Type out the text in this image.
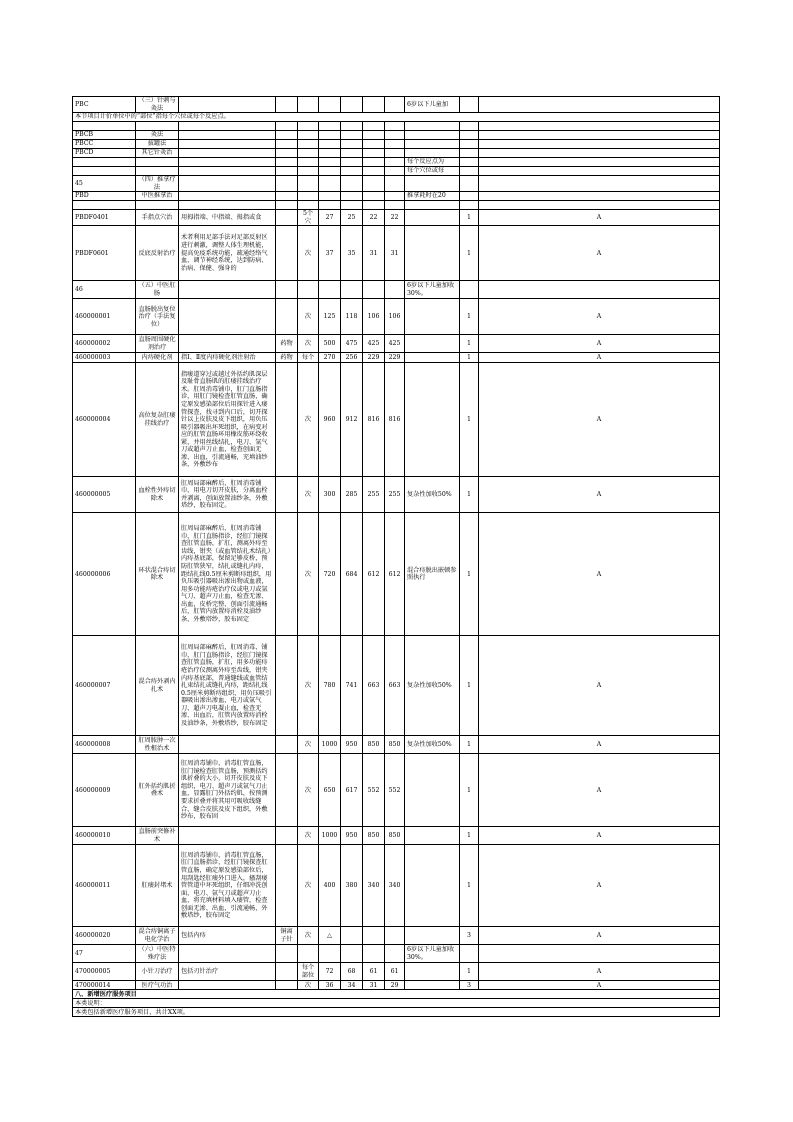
PBC	（三）针刺与灸法								6岁以下儿童加		
本节项目计价单位中的“部位”指每个穴位或每个反应点。											

PBCB	灸法										
PBCC	拔罐法										
PBCD	其它针灸治										
									每个反应点为		
									每个穴位或每		
45	（四）推拿疗法										
PBD	中医推拿治								推拿耗时在20		

PBDF0401	手指点穴治	用拇指端、中指端、拇指或食		5个穴	27	25	22	22		1	A
PBDF0601	反底反射治疗	术者利用足部手法对足部反射区进行刺激，调整人体生理机能，提高免疫系统功能，疏通经络气血，调节神经系统，达到防病、治病、保健、强身的		次	37	35	31	31		1	A
46	（五）中医肛肠								6岁以下儿童加收30%。		
460000001	直肠脱出复位治疗（手法复位）			次	125	118	106	106		1	A
460000002	直肠周围硬化剂治疗		药物	次	500	475	425	425		1	A
460000003	内痔硬化剂	指Ⅰ、Ⅱ度内痔硬化剂注射治	药物	每个	270	256	229	229		1	A
460000004	高位复杂肛瘘挂线治疗	指瘘道穿过或越过外括约肌深层及耻骨直肠肌的肛瘘挂线治疗术。肛周消毒铺巾，肛门直肠指诊，用肛门镜检查肛管直肠，确定原发感染部位后用探针进入瘘管探查，找寻到内口后，切开探针以上皮肤及皮下组织，用负压吸引器吸出坏死组织，在病变对应的肛管直肠环用橡皮筋环绕收紧，并用丝线结扎，电刀、氩气刀或超声刀止血，检查创面无渗、出血，引流通畅，充填油纱条，外敷纱布		次	960	912	816	816		1	A
460000005	血栓性外痔切除术	肛周局部麻醉后，肛周消毒铺巾，用电刀切开皮肤，分离血栓并剥离，创面放置油纱条，外敷塔纱，胶布固定。		次	300	285	255	255	复杂性加收50%	1	A
460000006	环状混合痔切除术	肛周局部麻醉后，肛周消毒铺巾，肛门直肠指诊，经肛门镜探查肛管直肠，扩肛，测离外痔至齿线，钳夹（或血管结扎术结扎）内痔基底部，保留足够皮桥，预防肛管狭窄，结扎或缝扎内痔，距结扎线0.5厘米剪断痔组织，用负压吸引器吸出渗出物或血液，用多功能痔疮治疗仪或电刀或氩气刀、超声刀止血，检查无渗、出血，皮桥完整，创面引流通畅后，肛管内放置痔消栓及油纱条，外敷塔纱，胶布固定		次	720	684	612	612	混合痔脱出嵌顿参照执行	1	A
460000007	混合痔外剥内扎术	肛周局部麻醉后，肛周消毒、铺巾，肛门直肠指诊，经肛门镜探查肛管直肠，扩肛，用多功能痔疮治疗仪测离外痔至齿线，钳夹内痔基底部，普通缝线或血管结扎束结扎或缝扎内痔，距结扎线0.5厘米剪断痔组织，用负压吸引器吸出渗出渗血，电刀或氩气刀、超声刀电凝止血，检查无渗、出血后，肛管内放置痔消栓及油纱条，外敷塔纱，胶布固定		次	780	741	663	663	复杂性加收50%	1	A
460000008	肛周脓肿一次性根治术			次	1000	950	850	850	复杂性加收50%	1	A
460000009	肛外括约肌折叠术	肛周消毒铺巾，消毒肛管直肠，肛门镜检查肛管直肠，预测括约肌折叠的大小，切开皮肤及皮下组织，电刀、超声刀或氩气刀止血，显露肛门外括约肌，按预测要求折叠并将其用可吸收线缝合，缝合皮肤及皮下组织，外敷纱布，胶布固		次	650	617	552	552		1	A
460000010	直肠前突修补术			次	1000	950	850	850		1	A
460000011	肛瘘封堵术	肛周消毒铺巾，消毒肛管直肠，肛门直肠指诊，经肛门镜探查肛管直肠，确定原发感染部位后，用刮匙经肛瘘外口进入，搔刮瘘管管道中坏死组织，仔细冲洗创面，电刀、氩气刀或超声刀止血，将充填材料填入瘘管，检查创面无渗、出血，引流通畅，外敷塔纱，胶布固定		次	400	380	340	340		1	A
460000020	混合痔铜离子电化学治	包括内痔	铜离子针	次	△					3	A
47	（六）中医特殊疗法								6岁以下儿童加收30%。		
470000005	小针刀治疗	包括刃针治疗		每个部位	72	68	61	61		1	A
470000014	医疗气功治			次	36	34	31	29		3	A
八、新增医疗服务项目											
本类说明：											
本类包括新增医疗服务项目，共计XX项。											
